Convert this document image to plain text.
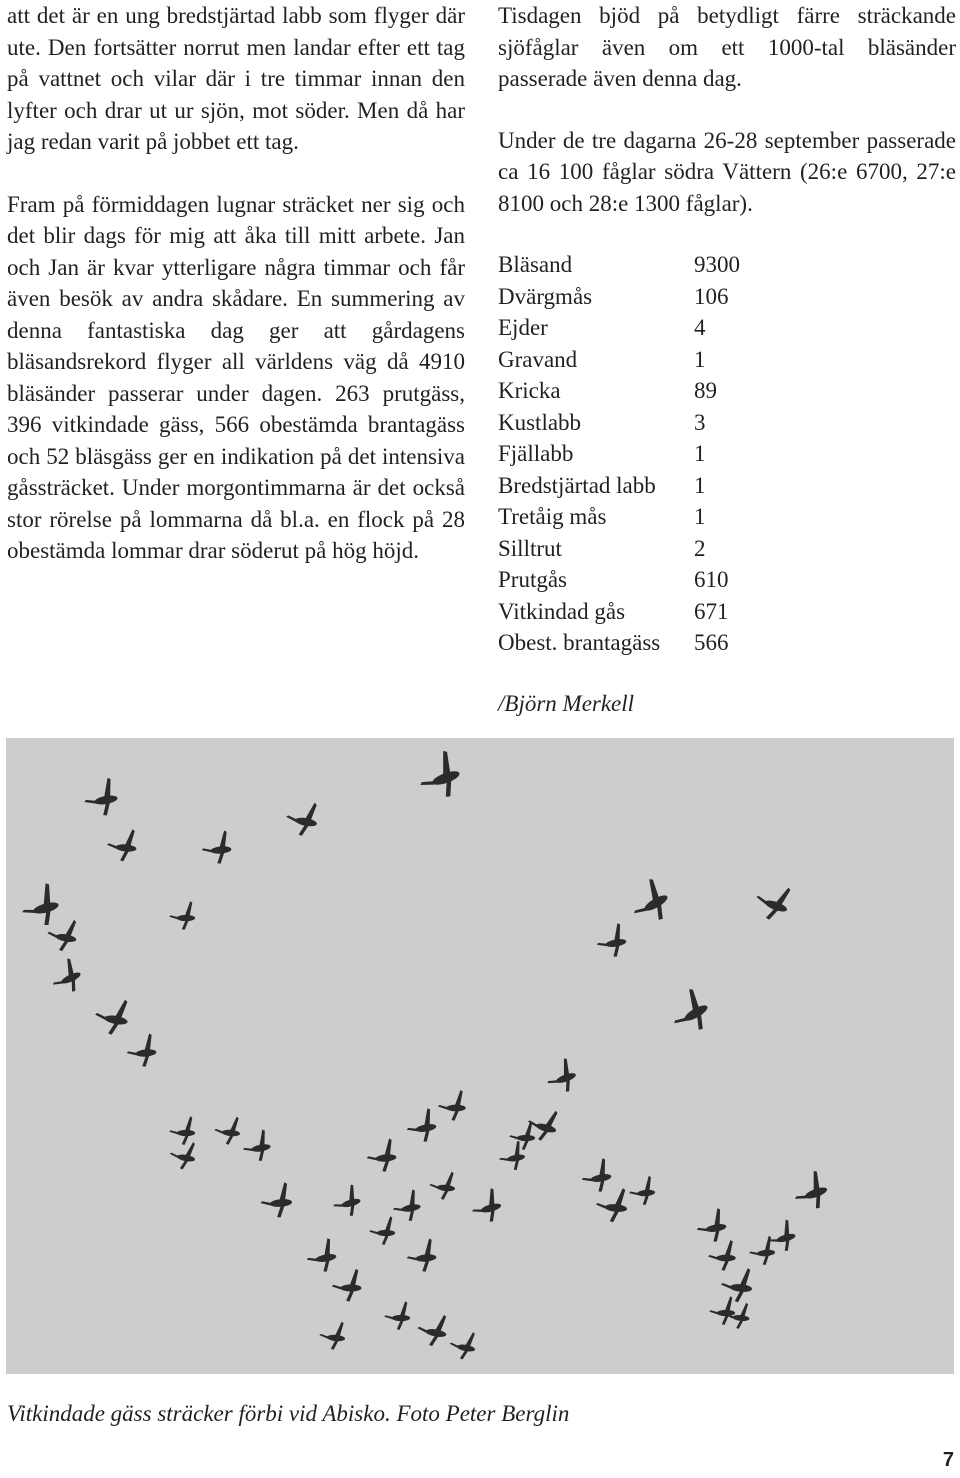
att det är en ung bredstjärtad labb som flyger där ute. Den fortsätter norrut men landar efter ett tag på vattnet och vilar där i tre timmar innan den lyfter och drar ut ur sjön, mot söder. Men då har jag redan varit på jobbet ett tag.

Fram på förmiddagen lugnar sträcket ner sig och det blir dags för mig att åka till mitt arbete. Jan och Jan är kvar ytterligare några timmar och får även besök av andra skådare. En summering av denna fantastiska dag ger att gårdagens bläsandsrekord flyger all världens väg då 4910 bläsänder passerar under dagen. 263 prutgäss, 396 vitkindade gäss, 566 obestämda brantagäss och 52 bläsgäss ger en indikation på det intensiva gåssträcket. Under morgontimmarna är det också stor rörelse på lommarna då bl.a. en flock på 28 obestämda lommar drar söderut på hög höjd.

Tisdagen bjöd på betydligt färre sträckande sjöfåglar även om ett 1000-tal bläsänder passerade även denna dag.

Under de tre dagarna 26-28 september passerade ca 16 100 fåglar södra Vättern (26:e 6700, 27:e 8100 och 28:e 1300 fåglar).

Bläsand	9300
Dvärgmås	106
Ejder	4
Gravand	1
Kricka	89
Kustlabb	3
Fjällabb	1
Bredstjärtad labb	1
Tretåig mås	1
Silltrut	2
Prutgås	610
Vitkindad gås	671
Obest. brantagäss	566
/Björn Merkell
Vitkindade gäss sträcker förbi vid Abisko. Foto Peter Berglin
7
